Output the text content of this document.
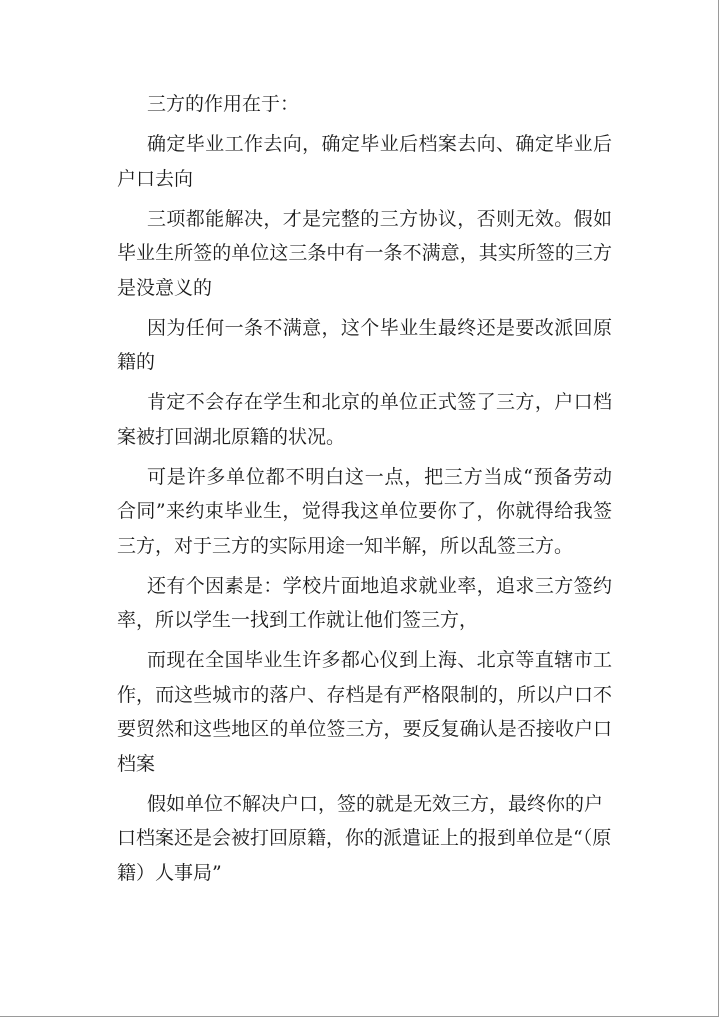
三方的作用在于：

确定毕业工作去向，确定毕业后档案去向、确定毕业后户口去向

三项都能解决，才是完整的三方协议，否则无效。假如毕业生所签的单位这三条中有一条不满意，其实所签的三方是没意义的

因为任何一条不满意，这个毕业生最终还是要改派回原籍的

肯定不会存在学生和北京的单位正式签了三方，户口档案被打回湖北原籍的状况。

可是许多单位都不明白这一点，把三方当成“预备劳动合同”来约束毕业生，觉得我这单位要你了，你就得给我签三方，对于三方的实际用途一知半解，所以乱签三方。

还有个因素是：学校片面地追求就业率，追求三方签约率，所以学生一找到工作就让他们签三方，

而现在全国毕业生许多都心仪到上海、北京等直辖市工作，而这些城市的落户、存档是有严格限制的，所以户口不要贸然和这些地区的单位签三方，要反复确认是否接收户口档案

假如单位不解决户口，签的就是无效三方，最终你的户口档案还是会被打回原籍，你的派遣证上的报到单位是“（原籍）人事局”
